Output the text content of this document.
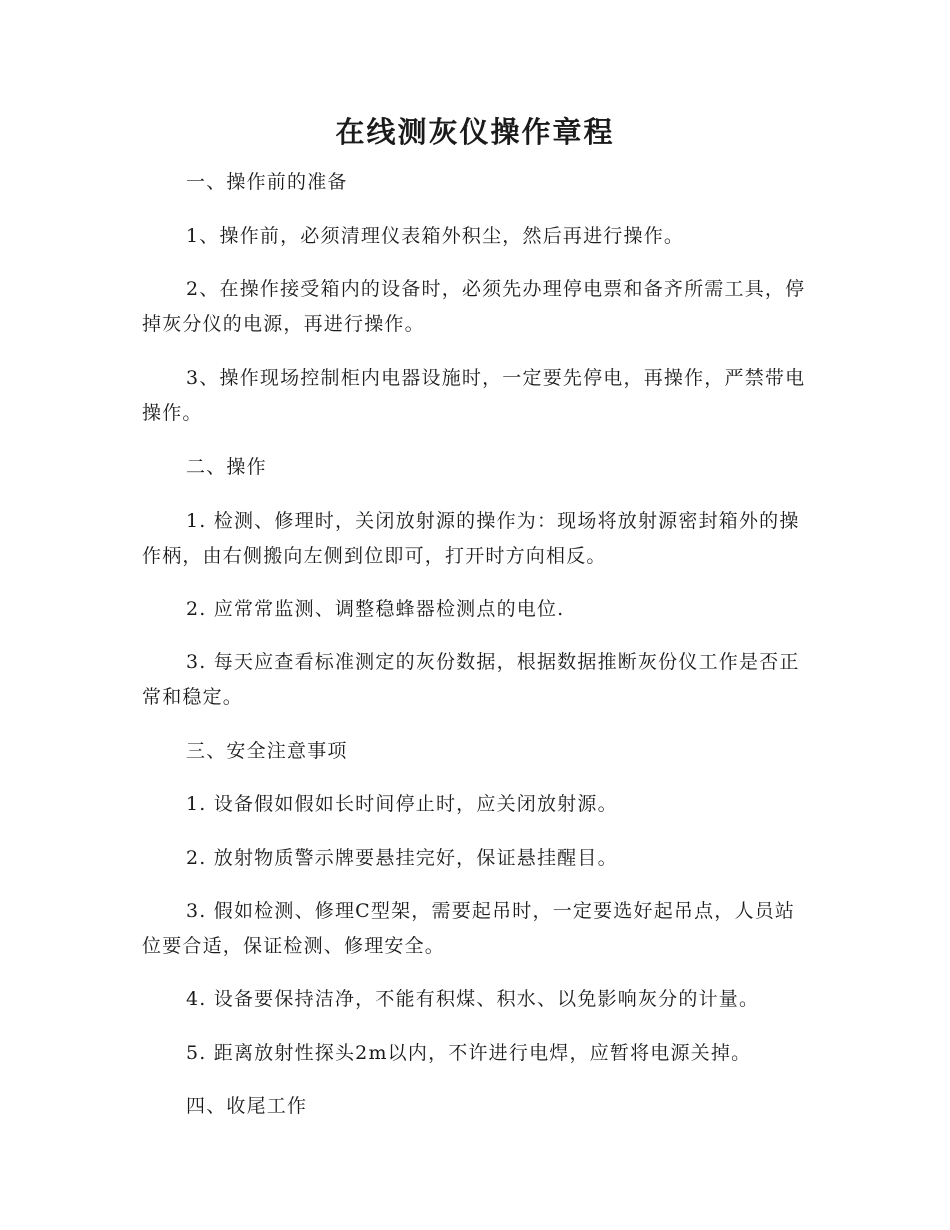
在线测灰仪操作章程

一、操作前的准备

1、操作前，必须清理仪表箱外积尘，然后再进行操作。

2、在操作接受箱内的设备时，必须先办理停电票和备齐所需工具，停掉灰分仪的电源，再进行操作。

3、操作现场控制柜内电器设施时，一定要先停电，再操作，严禁带电操作。

二、操作

1. 检测、修理时，关闭放射源的操作为：现场将放射源密封箱外的操作柄，由右侧搬向左侧到位即可，打开时方向相反。

2. 应常常监测、调整稳蜂器检测点的电位.

3. 每天应查看标准测定的灰份数据，根据数据推断灰份仪工作是否正常和稳定。

三、安全注意事项

1. 设备假如假如长时间停止时，应关闭放射源。

2. 放射物质警示牌要悬挂完好，保证悬挂醒目。

3. 假如检测、修理C型架，需要起吊时，一定要选好起吊点，人员站位要合适，保证检测、修理安全。

4. 设备要保持洁净，不能有积煤、积水、以免影响灰分的计量。

5. 距离放射性探头2m以内，不许进行电焊，应暂将电源关掉。

四、收尾工作
